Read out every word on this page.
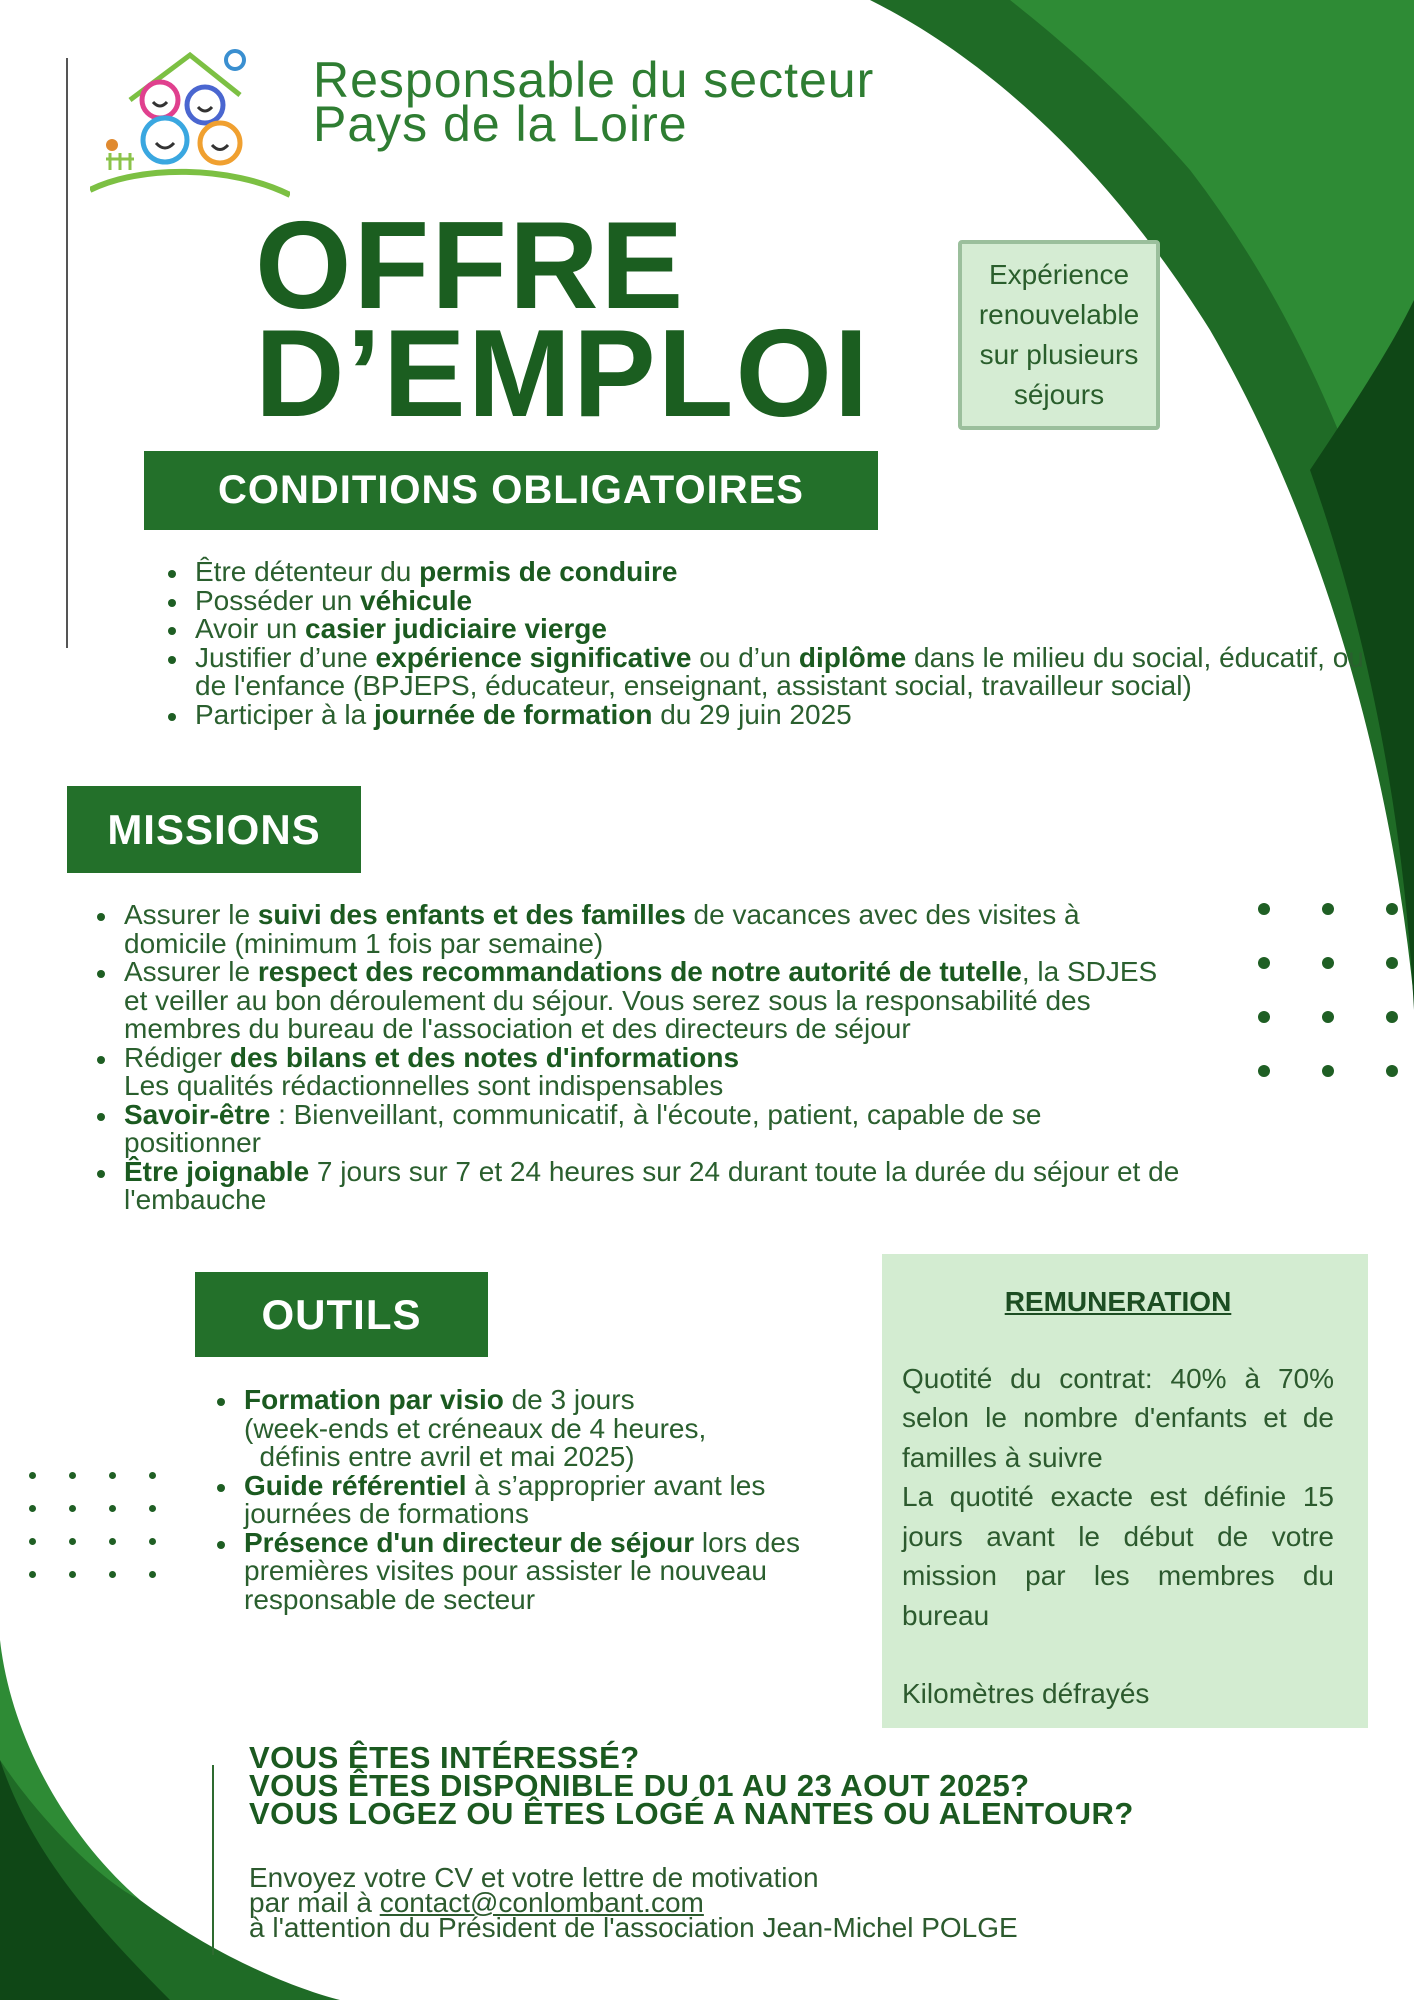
Responsable du secteur
Pays de la Loire
OFFRE
D’EMPLOI
Expérience
renouvelable
sur plusieurs
séjours
CONDITIONS OBLIGATOIRES
Être détenteur du permis de conduire
Posséder un véhicule
Avoir un casier judiciaire vierge
Justifier d’une expérience significative ou d’un diplôme dans le milieu du social, éducatif, ou de l'enfance (BPJEPS, éducateur, enseignant, assistant social, travailleur social)
Participer à la journée de formation du 29 juin 2025
MISSIONS
Assurer le suivi des enfants et des familles de vacances avec des visites à domicile (minimum 1 fois par semaine)
Assurer le respect des recommandations de notre autorité de tutelle, la SDJES et veiller au bon déroulement du séjour. Vous serez sous la responsabilité des membres du bureau de l'association et des directeurs de séjour
Rédiger des bilans et des notes d'informations
Les qualités rédactionnelles sont indispensables
Savoir-être : Bienveillant, communicatif, à l'écoute, patient, capable de se positionner
Être joignable 7 jours sur 7 et 24 heures sur 24 durant toute la durée du séjour et de l'embauche
OUTILS
Formation par visio de 3 jours
(week-ends et créneaux de 4 heures,
définis entre avril et mai 2025)
Guide référentiel à s’approprier avant les journées de formations
Présence d'un directeur de séjour lors des premières visites pour assister le nouveau responsable de secteur
REMUNERATION

Quotité du contrat: 40% à 70% selon le nombre d'enfants et de familles à suivre

La quotité exacte est définie 15 jours avant le début de votre mission par les membres du bureau

Kilomètres défrayés

VOUS ÊTES INTÉRESSÉ?
VOUS ÊTES DISPONIBLE DU 01 AU 23 AOUT 2025?
VOUS LOGEZ OU ÊTES LOGÉ A NANTES OU ALENTOUR?
Envoyez votre CV et votre lettre de motivation
par mail à contact@conlombant.com
à l'attention du Président de l'association Jean-Michel POLGE
